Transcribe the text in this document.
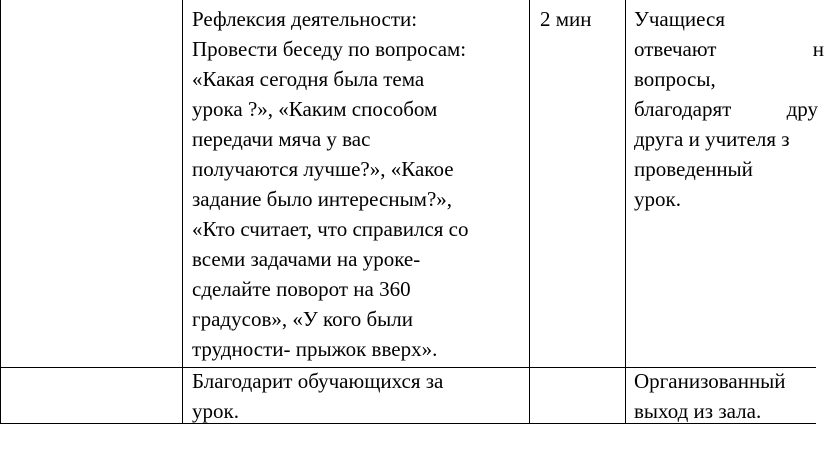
Рефлексия деятельности:
Провести беседу по вопросам:
«Какая сегодня была тема
урока ?», «Каким способом
передачи мяча у вас
получаются лучше?», «Какое
задание было интересным?»,
«Кто считает, что справился со
всеми задачами на уроке-
сделайте поворот на 360
градусов», «У кого были
трудности- прыжок вверх».
2 мин Учащиеся
отвечают	н
вопросы,
благодарят	дру
друга и учителя з
проведенный
урок.
Благодарит обучающихся за
урок.
Организованный
выход из зала.
